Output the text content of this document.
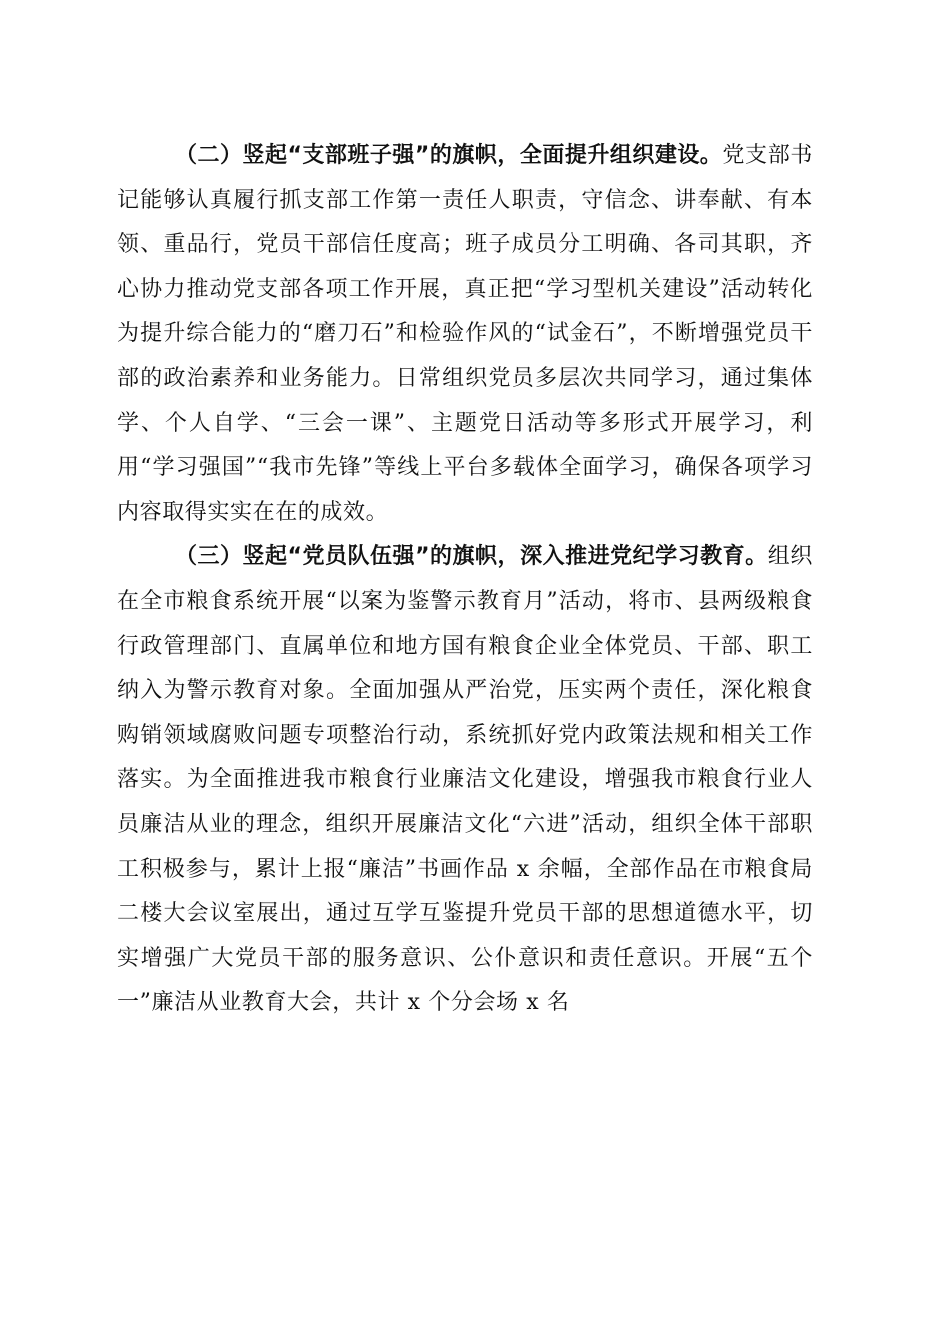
（二）竖起“支部班子强”的旗帜，全面提升组织建设。党支部书记能够认真履行抓支部工作第一责任人职责，守信念、讲奉献、有本领、重品行，党员干部信任度高；班子成员分工明确、各司其职，齐心协力推动党支部各项工作开展，真正把“学习型机关建设”活动转化为提升综合能力的“磨刀石”和检验作风的“试金石”，不断增强党员干部的政治素养和业务能力。日常组织党员多层次共同学习，通过集体学、个人自学、“三会一课”、主题党日活动等多形式开展学习，利用“学习强国”“我市先锋”等线上平台多载体全面学习，确保各项学习内容取得实实在在的成效。

（三）竖起“党员队伍强”的旗帜，深入推进党纪学习教育。组织在全市粮食系统开展“以案为鉴警示教育月”活动，将市、县两级粮食行政管理部门、直属单位和地方国有粮食企业全体党员、干部、职工纳入为警示教育对象。全面加强从严治党，压实两个责任，深化粮食购销领域腐败问题专项整治行动，系统抓好党内政策法规和相关工作落实。为全面推进我市粮食行业廉洁文化建设，增强我市粮食行业人员廉洁从业的理念，组织开展廉洁文化“六进”活动，组织全体干部职工积极参与，累计上报“廉洁”书画作品 x 余幅，全部作品在市粮食局二楼大会议室展出，通过互学互鉴提升党员干部的思想道德水平，切实增强广大党员干部的服务意识、公仆意识和责任意识。开展“五个一”廉洁从业教育大会，共计 x 个分会场 x 名
